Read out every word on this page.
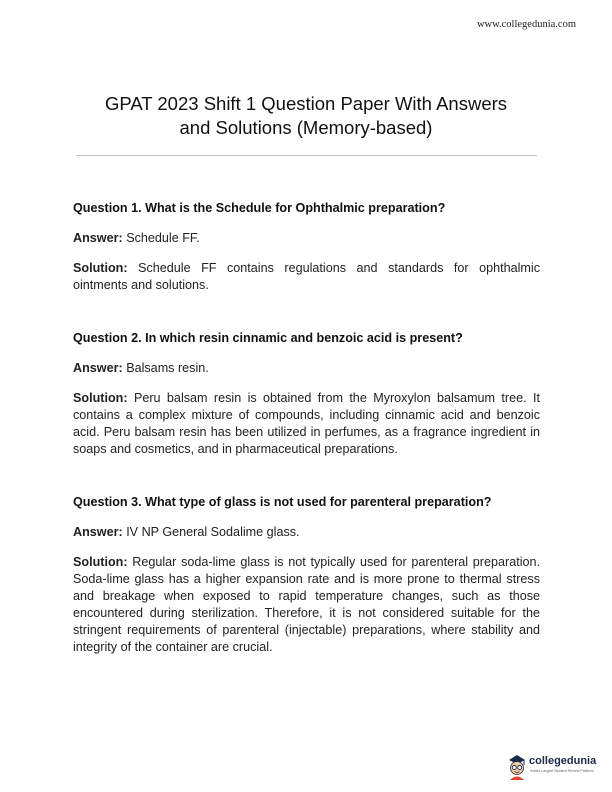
www.collegedunia.com
GPAT 2023 Shift 1 Question Paper With Answers
and Solutions (Memory-based)

Question 1. What is the Schedule for Ophthalmic preparation?

Answer: Schedule FF.

Solution: Schedule FF contains regulations and standards for ophthalmic ointments and solutions.

Question 2. In which resin cinnamic and benzoic acid is present?

Answer: Balsams resin.

Solution: Peru balsam resin is obtained from the Myroxylon balsamum tree. It contains a complex mixture of compounds, including cinnamic acid and benzoic acid. Peru balsam resin has been utilized in perfumes, as a fragrance ingredient in soaps and cosmetics, and in pharmaceutical preparations.

Question 3. What type of glass is not used for parenteral preparation?

Answer: IV NP General Sodalime glass.

Solution: Regular soda-lime glass is not typically used for parenteral preparation. Soda-lime glass has a higher expansion rate and is more prone to thermal stress and breakage when exposed to rapid temperature changes, such as those encountered during sterilization. Therefore, it is not considered suitable for the stringent requirements of parenteral (injectable) preparations, where stability and integrity of the container are crucial.

collegedunia
India's Largest Student Review Platform
